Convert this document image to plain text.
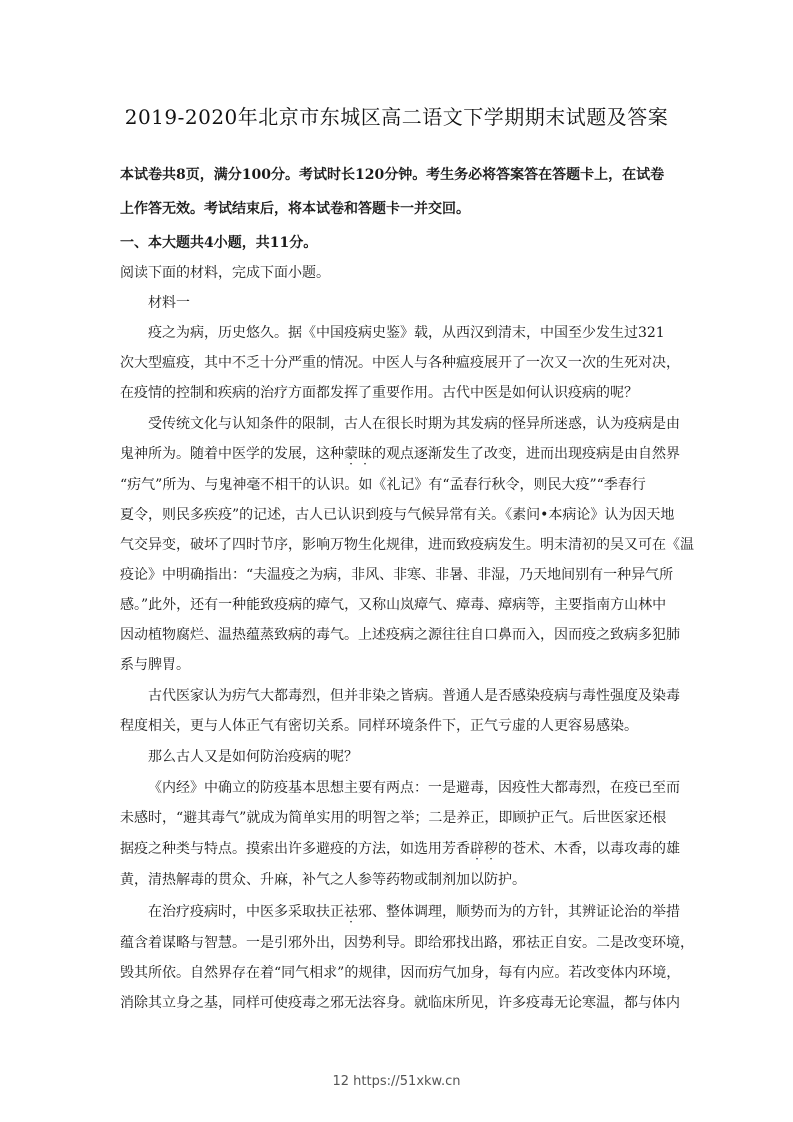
2019-2020年北京市东城区高二语文下学期期末试题及答案
本试卷共8页，满分100分。考试时长120分钟。考生务必将答案答在答题卡上，在试卷
上作答无效。考试结束后，将本试卷和答题卡一并交回。
一、本大题共4小题，共11分。
阅读下面的材料，完成下面小题。
材料一
疫之为病，历史悠久。据《中国疫病史鉴》载，从西汉到清末，中国至少发生过321
次大型瘟疫，其中不乏十分严重的情况。中医人与各种瘟疫展开了一次又一次的生死对决，
在疫情的控制和疾病的治疗方面都发挥了重要作用。古代中医是如何认识疫病的呢？
受传统文化与认知条件的限制，古人在很长时期为其发病的怪异所迷惑，认为疫病是由
鬼神所为。随着中医学的发展，这种蒙昧的观点逐渐发生了改变，进而出现疫病是由自然界
“疠气”所为、与鬼神毫不相干的认识。如《礼记》有“孟春行秋令，则民大疫”“季春行
夏令，则民多疾疫”的记述，古人已认识到疫与气候异常有关。《素问•本病论》认为因天地
气交异变，破坏了四时节序，影响万物生化规律，进而致疫病发生。明末清初的吴又可在《温
疫论》中明确指出：“夫温疫之为病，非风、非寒、非暑、非湿，乃天地间别有一种异气所
感。”此外，还有一种能致疫病的瘴气，又称山岚瘴气、瘴毒、瘴病等，主要指南方山林中
因动植物腐烂、温热蕴蒸致病的毒气。上述疫病之源往往自口鼻而入，因而疫之致病多犯肺
系与脾胃。
古代医家认为疠气大都毒烈，但并非染之皆病。普通人是否感染疫病与毒性强度及染毒
程度相关，更与人体正气有密切关系。同样环境条件下，正气亏虚的人更容易感染。
那么古人又是如何防治疫病的呢？
《内经》中确立的防疫基本思想主要有两点：一是避毒，因疫性大都毒烈，在疫已至而
未感时，“避其毒气”就成为简单实用的明智之举；二是养正，即顾护正气。后世医家还根
据疫之种类与特点。摸索出许多避疫的方法，如选用芳香辟秽的苍术、木香，以毒攻毒的雄
黄，清热解毒的贯众、升麻，补气之人参等药物或制剂加以防护。
在治疗疫病时，中医多采取扶正祛邪、整体调理，顺势而为的方针，其辨证论治的举措
蕴含着谋略与智慧。一是引邪外出，因势利导。即给邪找出路，邪祛正自安。二是改变环境，
毁其所依。自然界存在着“同气相求”的规律，因而疠气加身，每有内应。若改变体内环境，
消除其立身之基，同样可使疫毒之邪无法容身。就临床所见，许多疫毒无论寒温，都与体内
12 https://51xkw.cn
